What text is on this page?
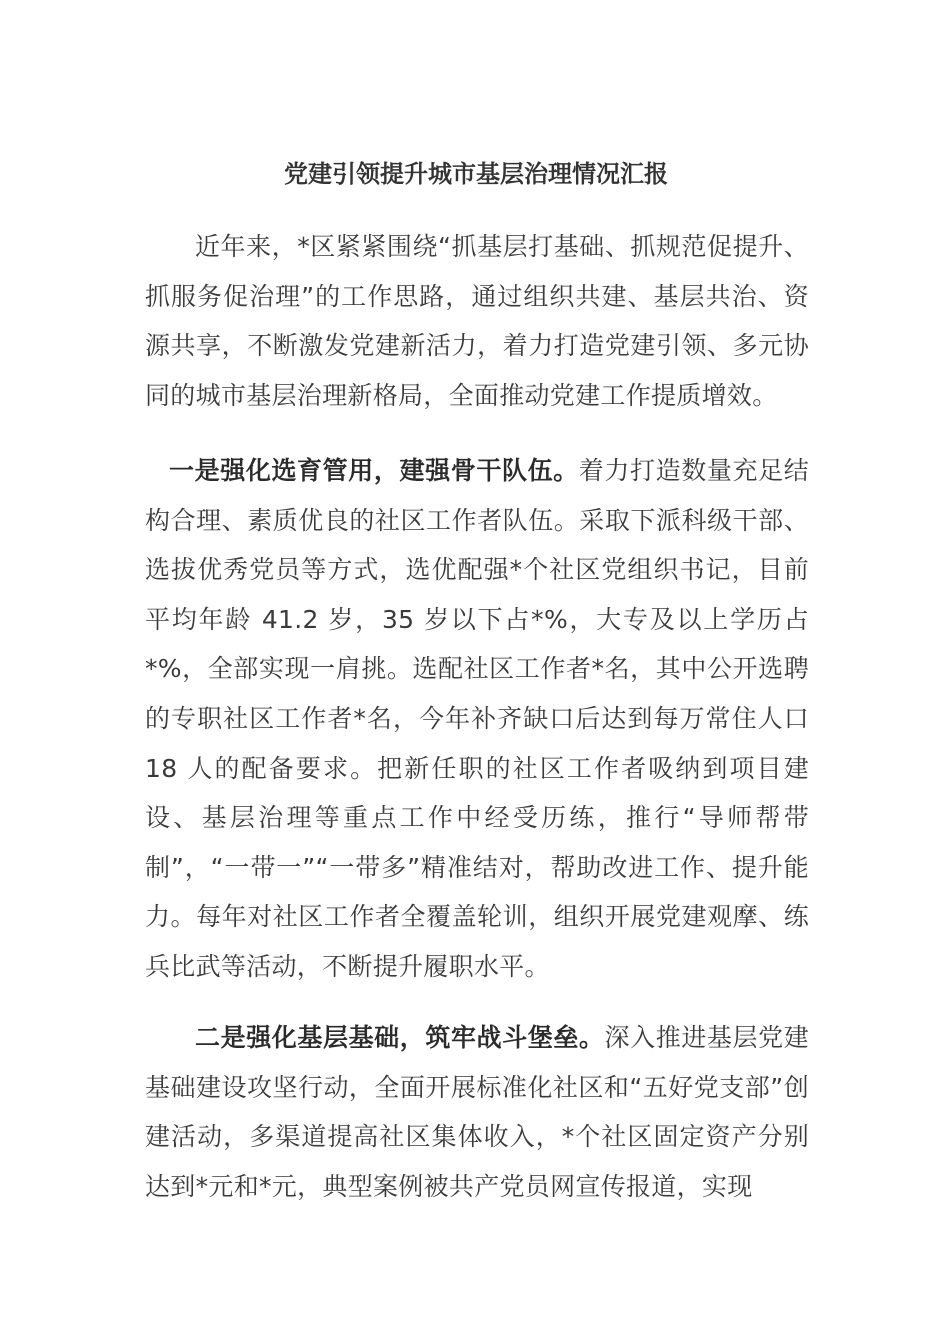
党建引领提升城市基层治理情况汇报

近年来，*区紧紧围绕“抓基层打基础、抓规范促提升、抓服务促治理”的工作思路，通过组织共建、基层共治、资源共享，不断激发党建新活力，着力打造党建引领、多元协同的城市基层治理新格局，全面推动党建工作提质增效。

一是强化选育管用，建强骨干队伍。着力打造数量充足结构合理、素质优良的社区工作者队伍。采取下派科级干部、选拔优秀党员等方式，选优配强*个社区党组织书记，目前平均年龄 41.2 岁，35 岁以下占*%，大专及以上学历占*%，全部实现一肩挑。选配社区工作者*名，其中公开选聘的专职社区工作者*名，今年补齐缺口后达到每万常住人口 18 人的配备要求。把新任职的社区工作者吸纳到项目建设、基层治理等重点工作中经受历练，推行“导师帮带制”，“一带一”“一带多”精准结对，帮助改进工作、提升能力。每年对社区工作者全覆盖轮训，组织开展党建观摩、练兵比武等活动，不断提升履职水平。

二是强化基层基础，筑牢战斗堡垒。深入推进基层党建基础建设攻坚行动，全面开展标准化社区和“五好党支部”创建活动，多渠道提高社区集体收入，*个社区固定资产分别达到*元和*元，典型案例被共产党员网宣传报道，实现
